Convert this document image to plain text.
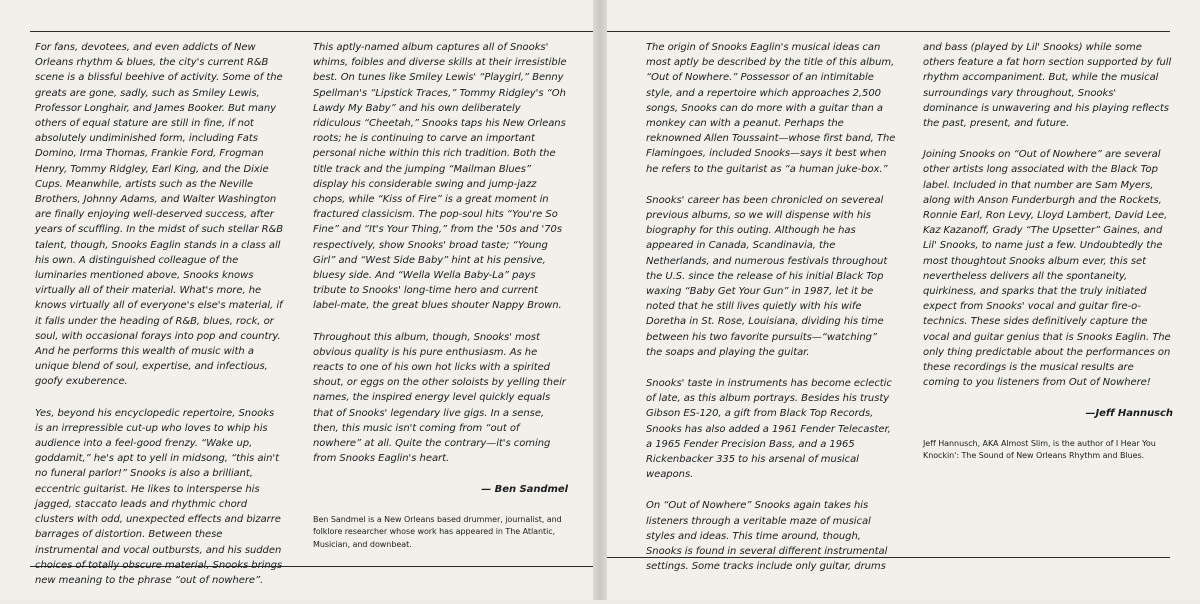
For fans, devotees, and even addicts of New Orleans rhythm & blues, the city's current R&B scene is a blissful beehive of activity. Some of the greats are gone, sadly, such as Smiley Lewis, Professor Longhair, and James Booker. But many others of equal stature are still in fine, if not absolutely undiminished form, including Fats Domino, Irma Thomas, Frankie Ford, Frogman Henry, Tommy Ridgley, Earl King, and the Dixie Cups. Meanwhile, artists such as the Neville Brothers, Johnny Adams, and Walter Washington are finally enjoying well-deserved success, after years of scuffling. In the midst of such stellar R&B talent, though, Snooks Eaglin stands in a class all his own. A distinguished colleague of the luminaries mentioned above, Snooks knows virtually all of their material. What's more, he knows virtually all of everyone's else's material, if it falls under the heading of R&B, blues, rock, or soul, with occasional forays into pop and country. And he performs this wealth of music with a unique blend of soul, expertise, and infectious, goofy exuberence.

Yes, beyond his encyclopedic repertoire, Snooks is an irrepressible cut-up who loves to whip his audience into a feel-good frenzy. “Wake up, goddamit,” he's apt to yell in midsong, “this ain't no funeral parlor!” Snooks is also a brilliant, eccentric guitarist. He likes to intersperse his jagged, staccato leads and rhythmic chord clusters with odd, unexpected effects and bizarre barrages of distortion. Between these instrumental and vocal outbursts, and his sudden choices of totally obscure material, Snooks brings new meaning to the phrase “out of nowhere”.

This aptly-named album captures all of Snooks' whims, foibles and diverse skills at their irresistible best. On tunes like Smiley Lewis' “Playgirl,” Benny Spellman's “Lipstick Traces,” Tommy Ridgley's “Oh Lawdy My Baby” and his own deliberately ridiculous “Cheetah,” Snooks taps his New Orleans roots; he is continuing to carve an important personal niche within this rich tradition. Both the title track and the jumping “Mailman Blues” display his considerable swing and jump-jazz chops, while “Kiss of Fire” is a great moment in fractured classicism. The pop-soul hits “You're So Fine” and “It's Your Thing,” from the '50s and '70s respectively, show Snooks' broad taste; “Young Girl” and “West Side Baby” hint at his pensive, bluesy side. And “Wella Wella Baby-La” pays tribute to Snooks' long-time hero and current label-mate, the great blues shouter Nappy Brown.

Throughout this album, though, Snooks' most obvious quality is his pure enthusiasm. As he reacts to one of his own hot licks with a spirited shout, or eggs on the other soloists by yelling their names, the inspired energy level quickly equals that of Snooks' legendary live gigs. In a sense, then, this music isn't coming from “out of nowhere” at all. Quite the contrary—it's coming from Snooks Eaglin's heart.

— Ben Sandmel

Ben Sandmel is a New Orleans based drummer, journalist, and folklore researcher whose work has appeared in The Atlantic, Musician, and downbeat.

The origin of Snooks Eaglin's musical ideas can most aptly be described by the title of this album, “Out of Nowhere.” Possessor of an intimitable style, and a repertoire which approaches 2,500 songs, Snooks can do more with a guitar than a monkey can with a peanut. Perhaps the reknowned Allen Toussaint—whose first band, The Flamingoes, included Snooks—says it best when he refers to the guitarist as “a human juke-box.”

Snooks' career has been chronicled on severeal previous albums, so we will dispense with his biography for this outing. Although he has appeared in Canada, Scandinavia, the Netherlands, and numerous festivals throughout the U.S. since the release of his initial Black Top waxing “Baby Get Your Gun” in 1987, let it be noted that he still lives quietly with his wife Doretha in St. Rose, Louisiana, dividing his time between his two favorite pursuits—“watching” the soaps and playing the guitar.

Snooks' taste in instruments has become eclectic of late, as this album portrays. Besides his trusty Gibson ES-120, a gift from Black Top Records, Snooks has also added a 1961 Fender Telecaster, a 1965 Fender Precision Bass, and a 1965 Rickenbacker 335 to his arsenal of musical weapons.

On “Out of Nowhere” Snooks again takes his listeners through a veritable maze of musical styles and ideas. This time around, though, Snooks is found in several different instrumental settings. Some tracks include only guitar, drums

and bass (played by Lil' Snooks) while some others feature a fat horn section supported by full rhythm accompaniment. But, while the musical surroundings vary throughout, Snooks' dominance is unwavering and his playing reflects the past, present, and future.

Joining Snooks on “Out of Nowhere” are several other artists long associated with the Black Top label. Included in that number are Sam Myers, along with Anson Funderburgh and the Rockets, Ronnie Earl, Ron Levy, Lloyd Lambert, David Lee, Kaz Kazanoff, Grady “The Upsetter” Gaines, and Lil' Snooks, to name just a few. Undoubtedly the most thoughtout Snooks album ever, this set nevertheless delivers all the spontaneity, quirkiness, and sparks that the truly initiated expect from Snooks' vocal and guitar fire-o-technics. These sides definitively capture the vocal and guitar genius that is Snooks Eaglin. The only thing predictable about the performances on these recordings is the musical results are coming to you listeners from Out of Nowhere!

—Jeff Hannusch

Jeff Hannusch, AKA Almost Slim, is the author of I Hear You Knockin': The Sound of New Orleans Rhythm and Blues.
